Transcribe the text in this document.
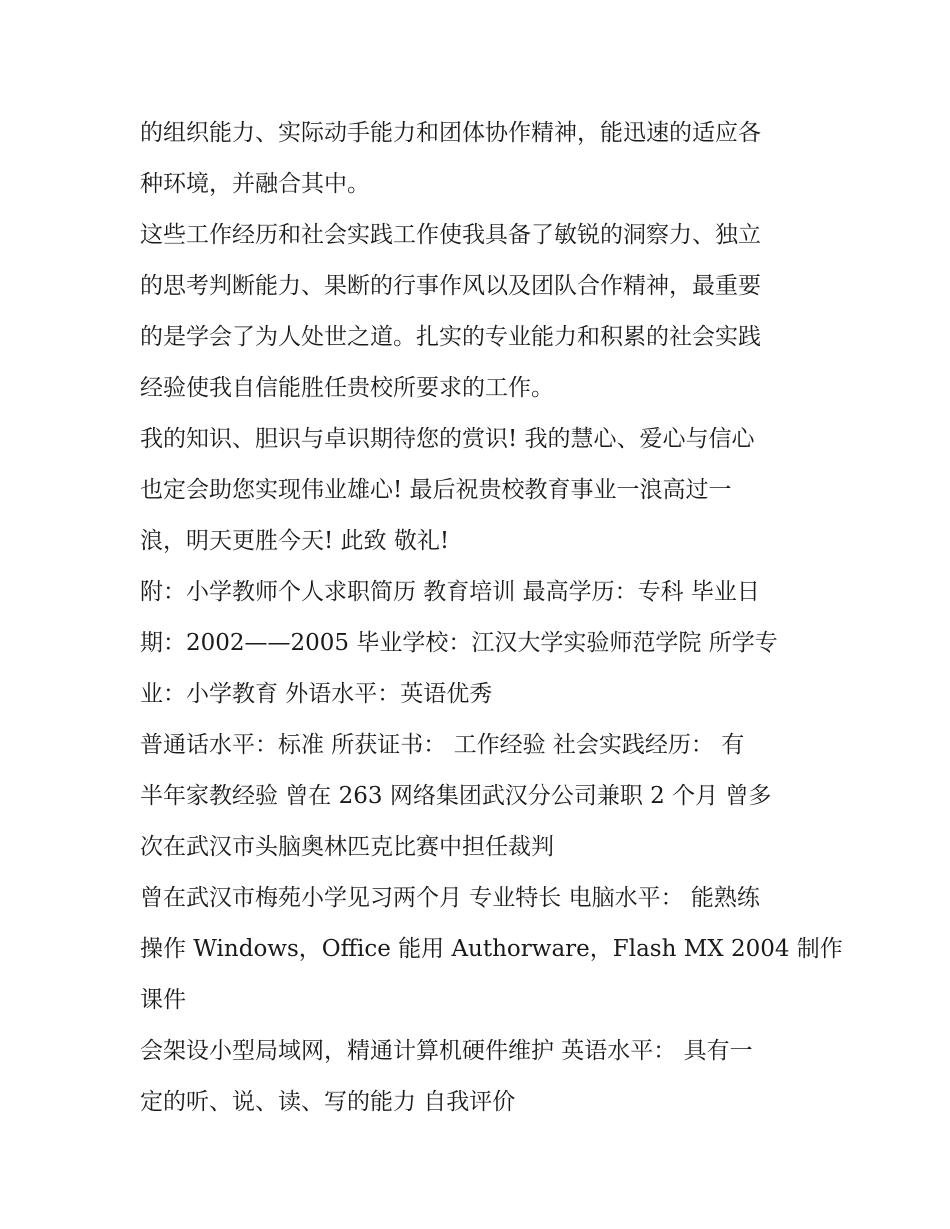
的组织能力、实际动手能力和团体协作精神，能迅速的适应各
种环境，并融合其中。
这些工作经历和社会实践工作使我具备了敏锐的洞察力、独立
的思考判断能力、果断的行事作风以及团队合作精神，最重要
的是学会了为人处世之道。扎实的专业能力和积累的社会实践
经验使我自信能胜任贵校所要求的工作。
我的知识、胆识与卓识期待您的赏识! 我的慧心、爱心与信心
也定会助您实现伟业雄心! 最后祝贵校教育事业一浪高过一
浪，明天更胜今天! 此致 敬礼!
附：小学教师个人求职简历 教育培训 最高学历：专科 毕业日
期：2002——2005 毕业学校：江汉大学实验师范学院 所学专
业：小学教育 外语水平：英语优秀
普通话水平：标准 所获证书： 工作经验 社会实践经历： 有
半年家教经验 曾在 263 网络集团武汉分公司兼职 2 个月 曾多
次在武汉市头脑奥林匹克比赛中担任裁判
曾在武汉市梅苑小学见习两个月 专业特长 电脑水平： 能熟练
操作 Windows，Office 能用 Authorware，Flash MX 2004 制作
课件
会架设小型局域网，精通计算机硬件维护 英语水平： 具有一
定的听、说、读、写的能力 自我评价
